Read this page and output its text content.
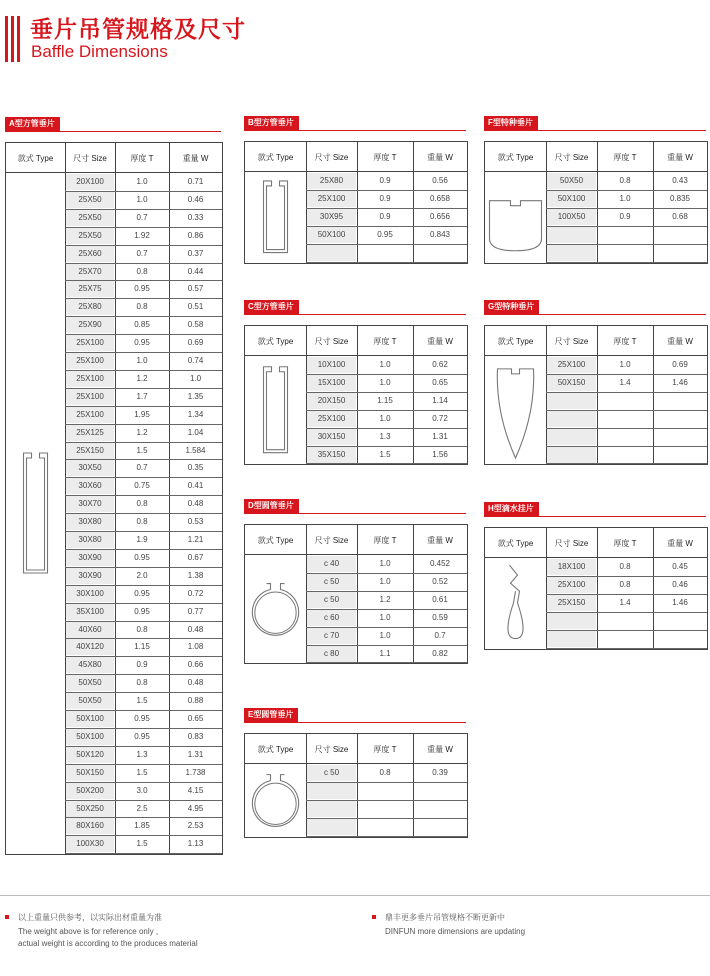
垂片吊管规格及尺寸
Baffle Dimensions
A型方管垂片
款式 Type	尺寸 Size	厚度 T	重量 W
20X100	1.0	0.71
25X50	1.0	0.46
25X50	0.7	0.33
25X50	1.92	0.86
25X60	0.7	0.37
25X70	0.8	0.44
25X75	0.95	0.57
25X80	0.8	0.51
25X90	0.85	0.58
25X100	0.95	0.69
25X100	1.0	0.74
25X100	1.2	1.0
25X100	1.7	1.35
25X100	1.95	1.34
25X125	1.2	1.04
25X150	1.5	1.584
30X50	0.7	0.35
30X60	0.75	0.41
30X70	0.8	0.48
30X80	0.8	0.53
30X80	1.9	1.21
30X90	0.95	0.67
30X90	2.0	1.38
30X100	0.95	0.72
35X100	0.95	0.77
40X60	0.8	0.48
40X120	1.15	1.08
45X80	0.9	0.66
50X50	0.8	0.48
50X50	1.5	0.88
50X100	0.95	0.65
50X100	0.95	0.83
50X120	1.3	1.31
50X150	1.5	1.738
50X200	3.0	4.15
50X250	2.5	4.95
80X160	1.85	2.53
100X30	1.5	1.13
B型方管垂片
款式 Type	尺寸 Size	厚度 T	重量 W
25X80	0.9	0.56
25X100	0.9	0.658
30X95	0.9	0.656
50X100	0.95	0.843
C型方管垂片
款式 Type	尺寸 Size	厚度 T	重量 W
10X100	1.0	0.62
15X100	1.0	0.65
20X150	1.15	1.14
25X100	1.0	0.72
30X150	1.3	1.31
35X150	1.5	1.56
D型圆管垂片
款式 Type	尺寸 Size	厚度 T	重量 W
c 40	1.0	0.452
c 50	1.0	0.52
c 50	1.2	0.61
c 60	1.0	0.59
c 70	1.0	0.7
c 80	1.1	0.82
E型圆管垂片
款式 Type	尺寸 Size	厚度 T	重量 W
c 50	0.8	0.39
F型特种垂片
款式 Type	尺寸 Size	厚度 T	重量 W
50X50	0.8	0.43
50X100	1.0	0.835
100X50	0.9	0.68
G型特种垂片
款式 Type	尺寸 Size	厚度 T	重量 W
25X100	1.0	0.69
50X150	1.4	1.46
H型滴水挂片
款式 Type	尺寸 Size	厚度 T	重量 W
18X100	0.8	0.45
25X100	0.8	0.46
25X150	1.4	1.46
以上重量只供参考，以实际出材重量为准
The weight above is for reference only ,
actual weight is according to the produces material
鼎丰更多垂片吊管规格不断更新中
DINFUN more dimensions are updating
